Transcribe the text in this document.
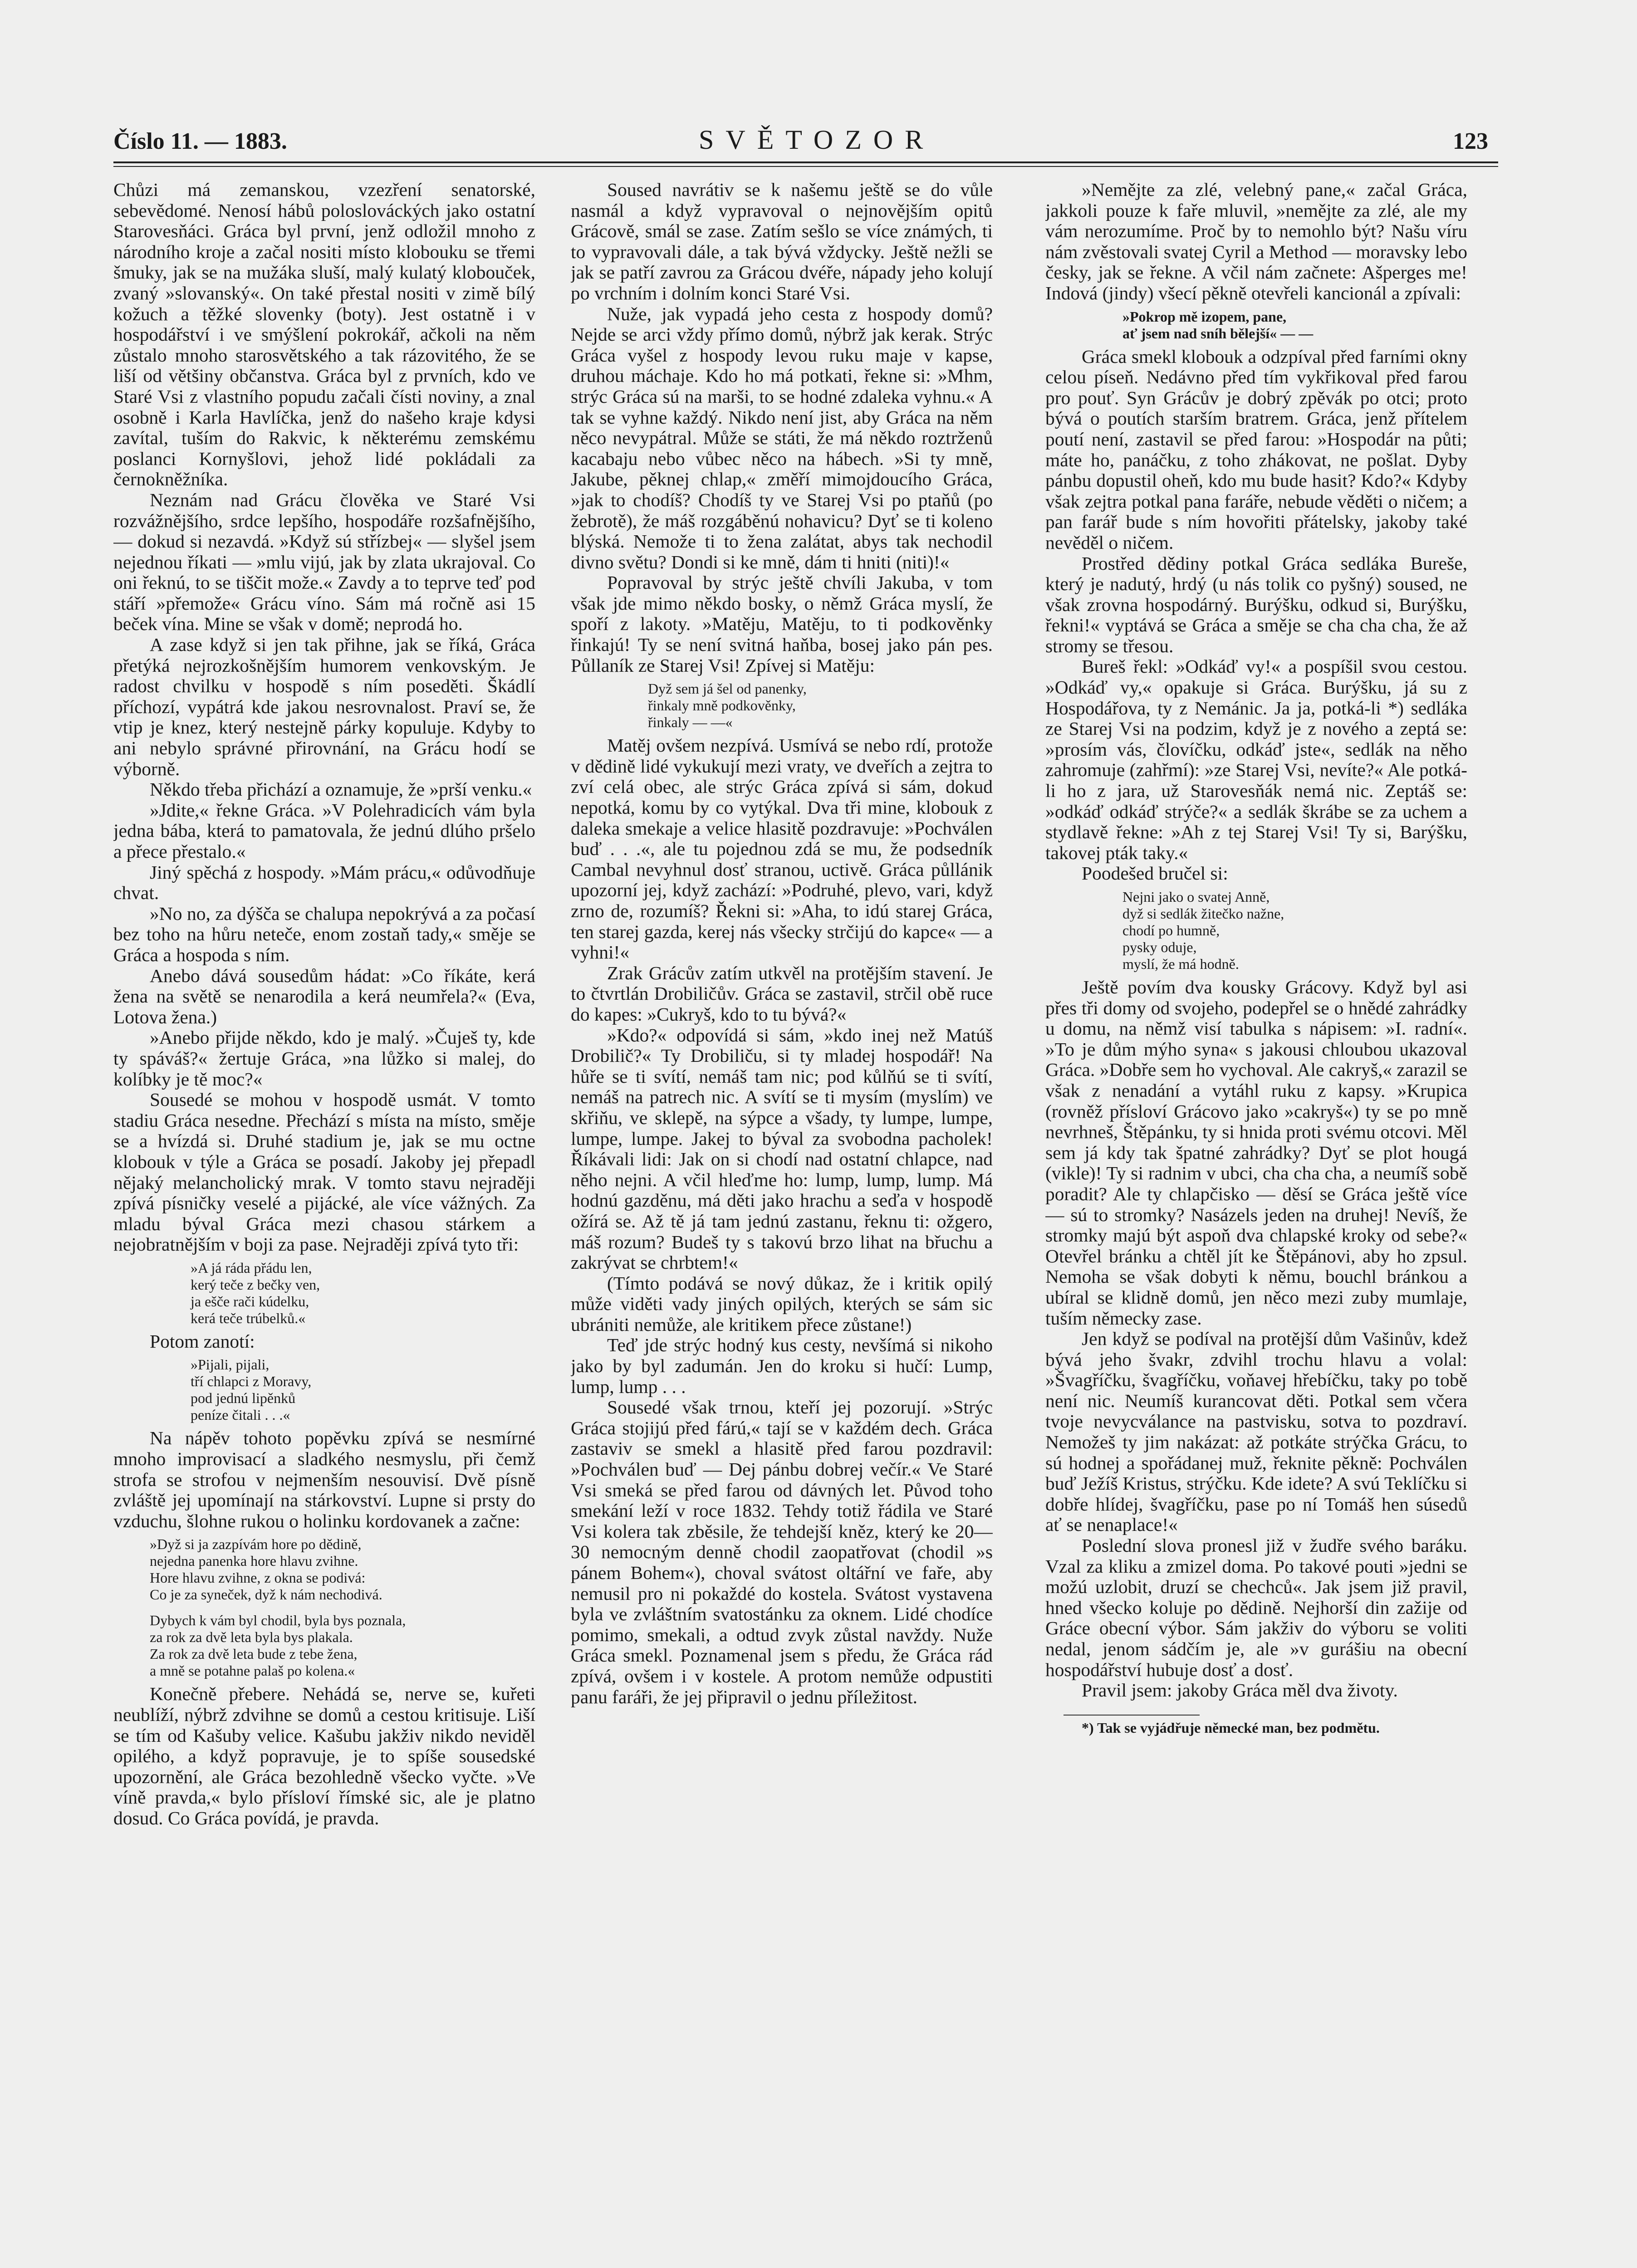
Číslo 11. — 1883.	SVĚTOZOR	123

Chůzi má zemanskou, vzezření senatorské, sebevědomé. Nenosí hábů poloslováckých jako ostatní Starovesňáci. Gráca byl první, jenž odložil mnoho z národního kroje a začal nositi místo klobouku se třemi šmuky, jak se na mužáka sluší, malý kulatý klobouček, zvaný »slovanský«. On také přestal nositi v zimě bílý kožuch a těžké slovenky (boty). Jest ostatně i v hospodářství i ve smýšlení pokrokář, ačkoli na něm zůstalo mnoho starosvětského a tak rázovitého, že se liší od většiny občanstva. Gráca byl z prvních, kdo ve Staré Vsi z vlastního popudu začali čísti noviny, a znal osobně i Karla Havlíčka, jenž do našeho kraje kdysi zavítal, tuším do Rakvic, k některému zemskému poslanci Kornyšlovi, jehož lidé pokládali za černokněžníka.

Neznám nad Grácu člověka ve Staré Vsi rozvážnějšího, srdce lepšího, hospodáře rozšafnějšího, — dokud si nezavdá. »Když sú střízbej« — slyšel jsem nejednou říkati — »mlu vijú, jak by zlata ukrajoval. Co oni řeknú, to se tiščit može.« Zavdy a to teprve teď pod stáří »přemože« Grácu víno. Sám má ročně asi 15 beček vína. Mine se však v domě; neprodá ho.

A zase když si jen tak přihne, jak se říká, Gráca přetýká nejrozkošnějším humorem venkovským. Je radost chvilku v hospodě s ním poseděti. Škádlí příchozí, vypátrá kde jakou nesrovnalost. Praví se, že vtip je knez, který nestejně párky kopuluje. Kdyby to ani nebylo správné přirovnání, na Grácu hodí se výborně.

Někdo třeba přichází a oznamuje, že »prší venku.«

»Jdite,« řekne Gráca. »V Polehradicích vám byla jedna bába, která to pamatovala, že jednú dlúho pršelo a přece přestalo.«

Jiný spěchá z hospody. »Mám prácu,« odůvodňuje chvat.

»No no, za dýšča se chalupa nepokrývá a za počasí bez toho na hůru neteče, enom zostaň tady,« směje se Gráca a hospoda s ním.

Anebo dává sousedům hádat: »Co říkáte, kerá žena na světě se nenarodila a kerá neumřela?« (Eva, Lotova žena.)

»Anebo přijde někdo, kdo je malý. »Čuješ ty, kde ty spáváš?« žertuje Gráca, »na lůžko si malej, do kolíbky je tě moc?«

Sousedé se mohou v hospodě usmát. V tomto stadiu Gráca nesedne. Přechází s místa na místo, směje se a hvízdá si. Druhé stadium je, jak se mu octne klobouk v týle a Gráca se posadí. Jakoby jej přepadl nějaký melancholický mrak. V tomto stavu nejraději zpívá písničky veselé a pijácké, ale více vážných. Za mladu býval Gráca mezi chasou stárkem a nejobratnějším v boji za pase. Nejraději zpívá tyto tři:

»A já ráda přádu len,
kerý teče z bečky ven,
ja ešče rači kúdelku,
kerá teče trúbelků.«

Potom zanotí:

»Pijali, pijali,
tří chlapci z Moravy,
pod jednú lipěnků
peníze čitali . . .«

Na nápěv tohoto popěvku zpívá se nesmírné mnoho improvisací a sladkého nesmyslu, při čemž strofa se strofou v nejmenším nesouvisí. Dvě písně zvláště jej upomínají na stárkovství. Lupne si prsty do vzduchu, šlohne rukou o holinku kordovanek a začne:

»Dyž si ja zazpívám hore po dědině,
nejedna panenka hore hlavu zvihne.
Hore hlavu zvihne, z okna se podivá:
Co je za syneček, dyž k nám nechodivá.
Dybych k vám byl chodil, byla bys poznala,
za rok za dvě leta byla bys plakala.
Za rok za dvě leta bude z tebe žena,
a mně se potahne palaš po kolena.«

Konečně přebere. Nehádá se, nerve se, kuřeti neublíží, nýbrž zdvihne se domů a cestou kritisuje. Liší se tím od Kašuby velice. Kašubu jakživ nikdo neviděl opilého, a když popravuje, je to spíše sousedské upozornění, ale Gráca bezohledně všecko vyčte. »Ve víně pravda,« bylo přísloví římské sic, ale je platno dosud. Co Gráca povídá, je pravda.

Soused navrátiv se k našemu ještě se do vůle nasmál a když vypravoval o nejnovějším opitů Grácově, smál se zase. Zatím sešlo se více známých, ti to vypravovali dále, a tak bývá vždycky. Ještě nežli se jak se patří zavrou za Grácou dvéře, nápady jeho kolují po vrchním i dolním konci Staré Vsi.

Nuže, jak vypadá jeho cesta z hospody domů? Nejde se arci vždy přímo domů, nýbrž jak kerak. Strýc Gráca vyšel z hospody levou ruku maje v kapse, druhou máchaje. Kdo ho má potkati, řekne si: »Mhm, strýc Gráca sú na marši, to se hodné zdaleka vyhnu.« A tak se vyhne každý. Nikdo není jist, aby Gráca na něm něco nevypátral. Může se státi, že má někdo roztrženů kacabaju nebo vůbec něco na hábech. »Si ty mně, Jakube, pěknej chlap,« změří mimojdoucího Gráca, »jak to chodíš? Chodíš ty ve Starej Vsi po ptaňů (po žebrotě), že máš rozgáběnú nohavicu? Dyť se ti koleno blýská. Nemože ti to žena zalátat, abys tak nechodil divno světu? Dondi si ke mně, dám ti hniti (niti)!«

Popravoval by strýc ještě chvíli Jakuba, v tom však jde mimo někdo bosky, o němž Gráca myslí, že spoří z lakoty. »Matěju, Matěju, to ti podkověnky řinkajú! Ty se není svitná haňba, bosej jako pán pes. Půllaník ze Starej Vsi! Zpívej si Matěju:

Dyž sem já šel od panenky,
řinkaly mně podkověnky,
řinkaly — —«

Matěj ovšem nezpívá. Usmívá se nebo rdí, protože v dědině lidé vykukují mezi vraty, ve dveřích a zejtra to zví celá obec, ale strýc Gráca zpívá si sám, dokud nepotká, komu by co vytýkal. Dva tři mine, klobouk z daleka smekaje a velice hlasitě pozdravuje: »Pochválen buď . . .«, ale tu pojednou zdá se mu, že podsedník Cambal nevyhnul dosť stranou, uctivě. Gráca půllánik upozorní jej, když zachází: »Podruhé, plevo, vari, když zrno de, rozumíš? Řekni si: »Aha, to idú starej Gráca, ten starej gazda, kerej nás všecky strčijú do kapce« — a vyhni!«

Zrak Grácův zatím utkvěl na protějším stavení. Je to čtvrtlán Drobiličův. Gráca se zastavil, strčil obě ruce do kapes: »Cukryš, kdo to tu bývá?«

»Kdo?« odpovídá si sám, »kdo inej než Matúš Drobilič?« Ty Drobiliču, si ty mladej hospodář! Na hůře se ti svítí, nemáš tam nic; pod kůlňú se ti svítí, nemáš na patrech nic. A svítí se ti mysím (myslím) ve skřiňu, ve sklepě, na sýpce a všady, ty lumpe, lumpe, lumpe, lumpe. Jakej to býval za svobodna pacholek! Říkávali lidi: Jak on si chodí nad ostatní chlapce, nad něho nejni. A včil hleďme ho: lump, lump, lump. Má hodnú gazděnu, má děti jako hrachu a seďa v hospodě ožírá se. Až tě já tam jednú zastanu, řeknu ti: ožgero, máš rozum? Budeš ty s takovú brzo lihat na břuchu a zakrývat se chrbtem!«

(Tímto podává se nový důkaz, že i kritik opilý může viděti vady jiných opilých, kterých se sám sic ubrániti nemůže, ale kritikem přece zůstane!)

Teď jde strýc hodný kus cesty, nevšímá si nikoho jako by byl zadumán. Jen do kroku si hučí: Lump, lump, lump . . .

Sousedé však trnou, kteří jej pozorují. »Strýc Gráca stojijú před fárú,« tají se v každém dech. Gráca zastaviv se smekl a hlasitě před farou pozdravil: »Pochválen buď — Dej pánbu dobrej večír.« Ve Staré Vsi smeká se před farou od dávných let. Původ toho smekání leží v roce 1832. Tehdy totiž řádila ve Staré Vsi kolera tak zběsile, že tehdejší kněz, který ke 20—30 nemocným denně chodil zaopatřovat (chodil »s pánem Bohem«), choval svátost oltářní ve faře, aby nemusil pro ni pokaždé do kostela. Svátost vystavena byla ve zvláštním svatostánku za oknem. Lidé chodíce pomimo, smekali, a odtud zvyk zůstal navždy. Nuže Gráca smekl. Poznamenal jsem s předu, že Gráca rád zpívá, ovšem i v kostele. A protom nemůže odpustiti panu faráři, že jej připravil o jednu příležitost.

»Nemějte za zlé, velebný pane,« začal Gráca, jakkoli pouze k faře mluvil, »nemějte za zlé, ale my vám nerozumíme. Proč by to nemohlo být? Našu víru nám zvěstovali svatej Cyril a Method — moravsky lebo česky, jak se řekne. A včil nám začnete: Ašperges me! Indová (jindy) všecí pěkně otevřeli kancionál a zpívali:

»Pokrop mě izopem, pane,
ať jsem nad sníh bělejší« — —

Gráca smekl klobouk a odzpíval před farními okny celou píseň. Nedávno před tím vykřikoval před farou pro pouť. Syn Grácův je dobrý zpěvák po otci; proto bývá o poutích starším bratrem. Gráca, jenž přítelem poutí není, zastavil se před farou: »Hospodár na půti; máte ho, panáčku, z toho zhákovat, ne pošlat. Dyby pánbu dopustil oheň, kdo mu bude hasit? Kdo?« Kdyby však zejtra potkal pana faráře, nebude věděti o ničem; a pan farář bude s ním hovořiti přátelsky, jakoby také nevěděl o ničem.

Prostřed dědiny potkal Gráca sedláka Bureše, který je nadutý, hrdý (u nás tolik co pyšný) soused, ne však zrovna hospodárný. Burýšku, odkud si, Burýšku, řekni!« vyptává se Gráca a směje se cha cha cha, že až stromy se třesou.

Bureš řekl: »Odkáď vy!« a pospíšil svou cestou. »Odkáď vy,« opakuje si Gráca. Burýšku, já su z Hospodářova, ty z Nemánic. Ja ja, potká-li *) sedláka ze Starej Vsi na podzim, když je z nového a zeptá se: »prosím vás, človíčku, odkáď jste«, sedlák na něho zahromuje (zahřmí): »ze Starej Vsi, nevíte?« Ale potká-li ho z jara, už Starovesňák nemá nic. Zeptáš se: »odkáď odkáď strýče?« a sedlák škrábe se za uchem a stydlavě řekne: »Ah z tej Starej Vsi! Ty si, Barýšku, takovej pták taky.«

Poodešed bručel si:

Nejni jako o svatej Anně,
dyž si sedlák žitečko nažne,
chodí po humně,
pysky oduje,
myslí, že má hodně.

Ještě povím dva kousky Grácovy. Když byl asi přes tři domy od svojeho, podepřel se o hnědé zahrádky u domu, na němž visí tabulka s nápisem: »I. radní«. »To je dům mýho syna« s jakousi chloubou ukazoval Gráca. »Dobře sem ho vychoval. Ale cakryš,« zarazil se však z nenadání a vytáhl ruku z kapsy. »Krupica (rovněž přísloví Grácovo jako »cakryš«) ty se po mně nevrhneš, Štěpánku, ty si hnida proti svému otcovi. Měl sem já kdy tak špatné zahrádky? Dyť se plot hougá (vikle)! Ty si radnim v ubci, cha cha cha, a neumíš sobě poradit? Ale ty chlapčisko — děsí se Gráca ještě více — sú to stromky? Nasázels jeden na druhej! Nevíš, že stromky majú být aspoň dva chlapské kroky od sebe?« Otevřel bránku a chtěl jít ke Štěpánovi, aby ho zpsul. Nemoha se však dobyti k němu, bouchl bránkou a ubíral se klidně domů, jen něco mezi zuby mumlaje, tuším německy zase.

Jen když se podíval na protější dům Vašinův, kdež bývá jeho švakr, zdvihl trochu hlavu a volal: »Švagříčku, švagříčku, voňavej hřebíčku, taky po tobě není nic. Neumíš kurancovat děti. Potkal sem včera tvoje nevycválance na pastvisku, sotva to pozdraví. Nemožeš ty jim nakázat: až potkáte strýčka Grácu, to sú hodnej a spořádanej muž, řeknite pěkně: Pochválen buď Ježíš Kristus, strýčku. Kde idete? A svú Teklíčku si dobře hlídej, švagříčku, pase po ní Tomáš hen súsedů ať se nenaplace!«

Poslední slova pronesl již v žudře svého baráku. Vzal za kliku a zmizel doma. Po takové pouti »jedni se možú uzlobit, druzí se chechců«. Jak jsem již pravil, hned všecko koluje po dědině. Nejhorší din zažije od Gráce obecní výbor. Sám jakživ do výboru se voliti nedal, jenom sádčím je, ale »v gurášiu na obecní hospodářství hubuje dosť a dosť.

Pravil jsem: jakoby Gráca měl dva životy.

*) Tak se vyjádřuje německé man, bez podmětu.
